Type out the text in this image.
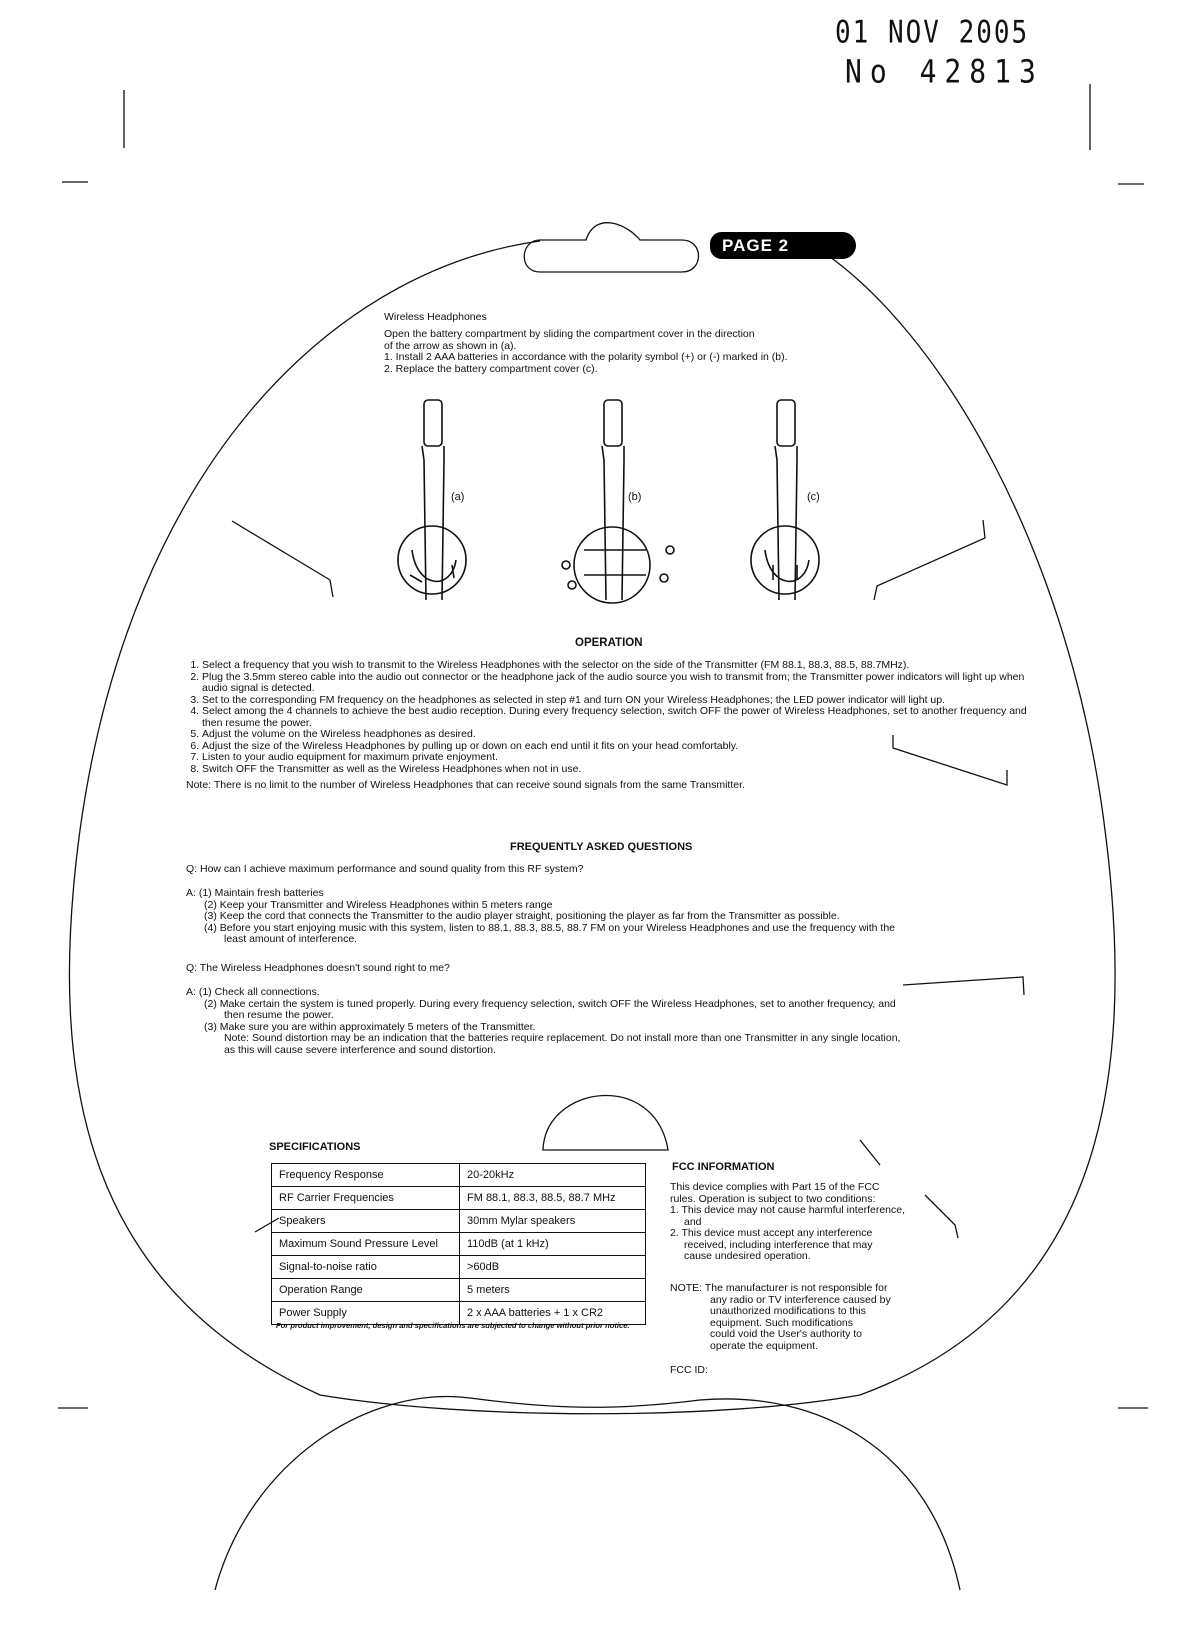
01 NOV 2005
No 42813
PAGE 2
Wireless Headphones
Open the battery compartment by sliding the compartment cover in the direction
of the arrow as shown in (a).
1. Install 2 AAA batteries in accordance with the polarity symbol (+) or (-) marked in (b).
2. Replace the battery compartment cover (c).
(a)	(b)	(c)
OPERATION
1. Select a frequency that you wish to transmit to the Wireless Headphones with the selector on the side of the Transmitter (FM 88.1, 88.3, 88.5, 88.7MHz).
2. Plug the 3.5mm stereo cable into the audio out connector or the headphone jack of the audio source you wish to transmit from; the Transmitter power indicators will light up when audio signal is detected.
3. Set to the corresponding FM frequency on the headphones as selected in step #1 and turn ON your Wireless Headphones; the LED power indicator will light up.
4. Select among the 4 channels to achieve the best audio reception. During every frequency selection, switch OFF the power of Wireless Headphones, set to another frequency and then resume the power.
5. Adjust the volume on the Wireless headphones as desired.
6. Adjust the size of the Wireless Headphones by pulling up or down on each end until it fits on your head comfortably.
7. Listen to your audio equipment for maximum private enjoyment.
8. Switch OFF the Transmitter as well as the Wireless Headphones when not in use.
Note: There is no limit to the number of Wireless Headphones that can receive sound signals from the same Transmitter.
FREQUENTLY ASKED QUESTIONS
Q: How can I achieve maximum performance and sound quality from this RF system?
A: (1) Maintain fresh batteries
(2) Keep your Transmitter and Wireless Headphones within 5 meters range
(3) Keep the cord that connects the Transmitter to the audio player straight, positioning the player as far from the Transmitter as possible.
(4) Before you start enjoying music with this system, listen to 88.1, 88.3, 88.5, 88.7 FM on your Wireless Headphones and use the frequency with the
least amount of interference.
Q: The Wireless Headphones doesn't sound right to me?
A: (1) Check all connections.
(2) Make certain the system is tuned properly. During every frequency selection, switch OFF the Wireless Headphones, set to another frequency, and
then resume the power.
(3) Make sure you are within approximately 5 meters of the Transmitter.
Note: Sound distortion may be an indication that the batteries require replacement. Do not install more than one Transmitter in any single location,
as this will cause severe interference and sound distortion.
SPECIFICATIONS
Frequency Response	20-20kHz
RF Carrier Frequencies	FM 88.1, 88.3, 88.5, 88.7 MHz
Speakers	30mm Mylar speakers
Maximum Sound Pressure Level	110dB (at 1 kHz)
Signal-to-noise ratio	>60dB
Operation Range	5 meters
Power Supply	2 x AAA batteries + 1 x CR2
For product improvement, design and specifications are subjected to change without prior notice.
FCC INFORMATION
This device complies with Part 15 of the FCC
rules. Operation is subject to two conditions:
1. This device may not cause harmful interference,
and
2. This device must accept any interference
received, including interference that may
cause undesired operation.
NOTE: The manufacturer is not responsible for
any radio or TV interference caused by
unauthorized modifications to this
equipment. Such modifications
could void the User's authority to
operate the equipment.
FCC ID:
